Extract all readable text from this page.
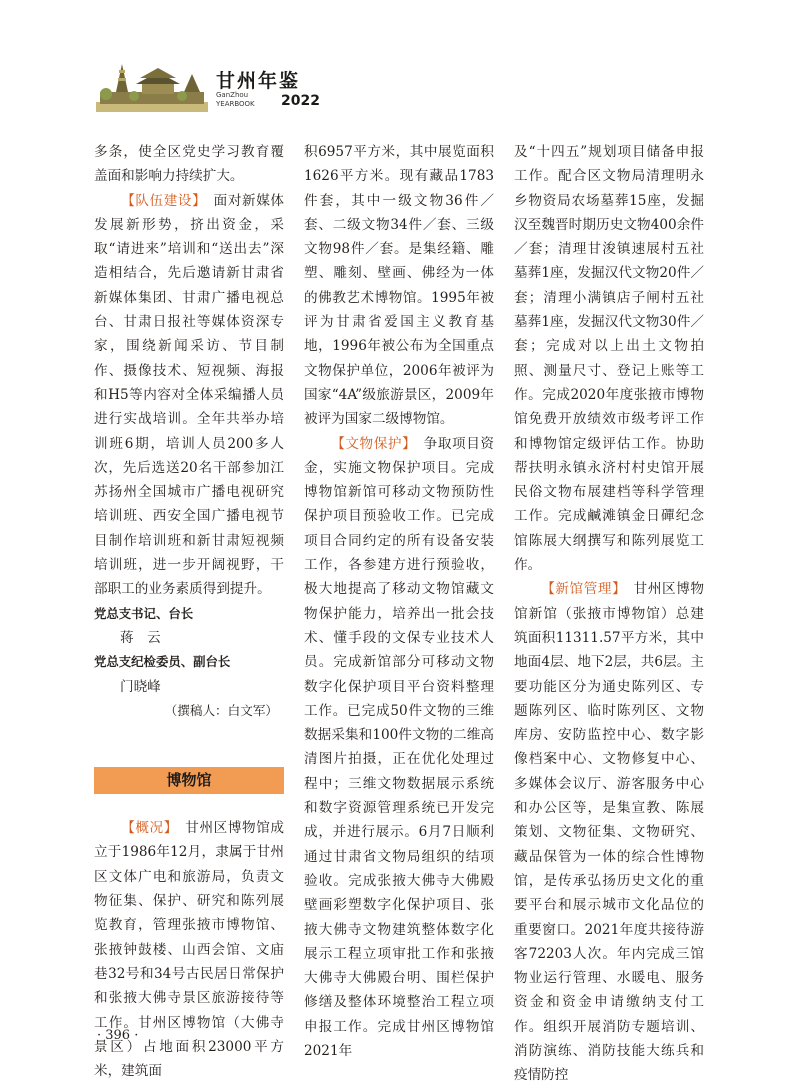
甘州年鉴
GanZhou
YEARBOOK 2022

多条，使全区党史学习教育覆盖面和影响力持续扩大。

【队伍建设】　面对新媒体发展新形势，挤出资金，采取“请进来”培训和“送出去”深造相结合，先后邀请新甘肃省新媒体集团、甘肃广播电视总台、甘肃日报社等媒体资深专家，围绕新闻采访、节目制作、摄像技术、短视频、海报和H5等内容对全体采编播人员进行实战培训。全年共举办培训班6期，培训人员200多人次，先后选送20名干部参加江苏扬州全国城市广播电视研究培训班、西安全国广播电视节目制作培训班和新甘肃短视频培训班，进一步开阔视野，干部职工的业务素质得到提升。

党总支书记、台长

蒋　云

党总支纪检委员、副台长

门晓峰

（撰稿人：白文军）

博物馆

【概况】　甘州区博物馆成立于1986年12月，隶属于甘州区文体广电和旅游局，负责文物征集、保护、研究和陈列展览教育，管理张掖市博物馆、张掖钟鼓楼、山西会馆、文庙巷32号和34号古民居日常保护和张掖大佛寺景区旅游接待等工作。甘州区博物馆（大佛寺景区）占地面积23000平方米，建筑面

积6957平方米，其中展览面积1626平方米。现有藏品1783件套，其中一级文物36件／套、二级文物34件／套、三级文物98件／套。是集经籍、雕塑、雕刻、壁画、佛经为一体的佛教艺术博物馆。1995年被评为甘肃省爱国主义教育基地，1996年被公布为全国重点文物保护单位，2006年被评为国家“4A”级旅游景区，2009年被评为国家二级博物馆。

【文物保护】　争取项目资金，实施文物保护项目。完成博物馆新馆可移动文物预防性保护项目预验收工作。已完成项目合同约定的所有设备安装工作，各参建方进行预验收，极大地提高了移动文物馆藏文物保护能力，培养出一批会技术、懂手段的文保专业技术人员。完成新馆部分可移动文物数字化保护项目平台资料整理工作。已完成50件文物的三维数据采集和100件文物的二维高清图片拍摄，正在优化处理过程中；三维文物数据展示系统和数字资源管理系统已开发完成，并进行展示。6月7日顺利通过甘肃省文物局组织的结项验收。完成张掖大佛寺大佛殿壁画彩塑数字化保护项目、张掖大佛寺文物建筑整体数字化展示工程立项审批工作和张掖大佛寺大佛殿台明、围栏保护修缮及整体环境整治工程立项申报工作。完成甘州区博物馆2021年

及“十四五”规划项目储备申报工作。配合区文物局清理明永乡物资局农场墓葬15座，发掘汉至魏晋时期历史文物400余件／套；清理甘浚镇速展村五社墓葬1座，发掘汉代文物20件／套；清理小满镇店子闸村五社墓葬1座，发掘汉代文物30件／套；完成对以上出土文物拍照、测量尺寸、登记上账等工作。完成2020年度张掖市博物馆免费开放绩效市级考评工作和博物馆定级评估工作。协助帮扶明永镇永济村村史馆开展民俗文物布展建档等科学管理工作。完成鹹滩镇金日磾纪念馆陈展大纲撰写和陈列展览工作。

【新馆管理】　甘州区博物馆新馆（张掖市博物馆）总建筑面积11311.57平方米，其中地面4层、地下2层，共6层。主要功能区分为通史陈列区、专题陈列区、临时陈列区、文物库房、安防监控中心、数字影像档案中心、文物修复中心、多媒体会议厅、游客服务中心和办公区等，是集宣教、陈展策划、文物征集、文物研究、藏品保管为一体的综合性博物馆，是传承弘扬历史文化的重要平台和展示城市文化品位的重要窗口。2021年度共接待游客72203人次。年内完成三馆物业运行管理、水暖电、服务资金和资金申请缴纳支付工作。组织开展消防专题培训、消防演练、消防技能大练兵和疫情防控

· 396 ·
